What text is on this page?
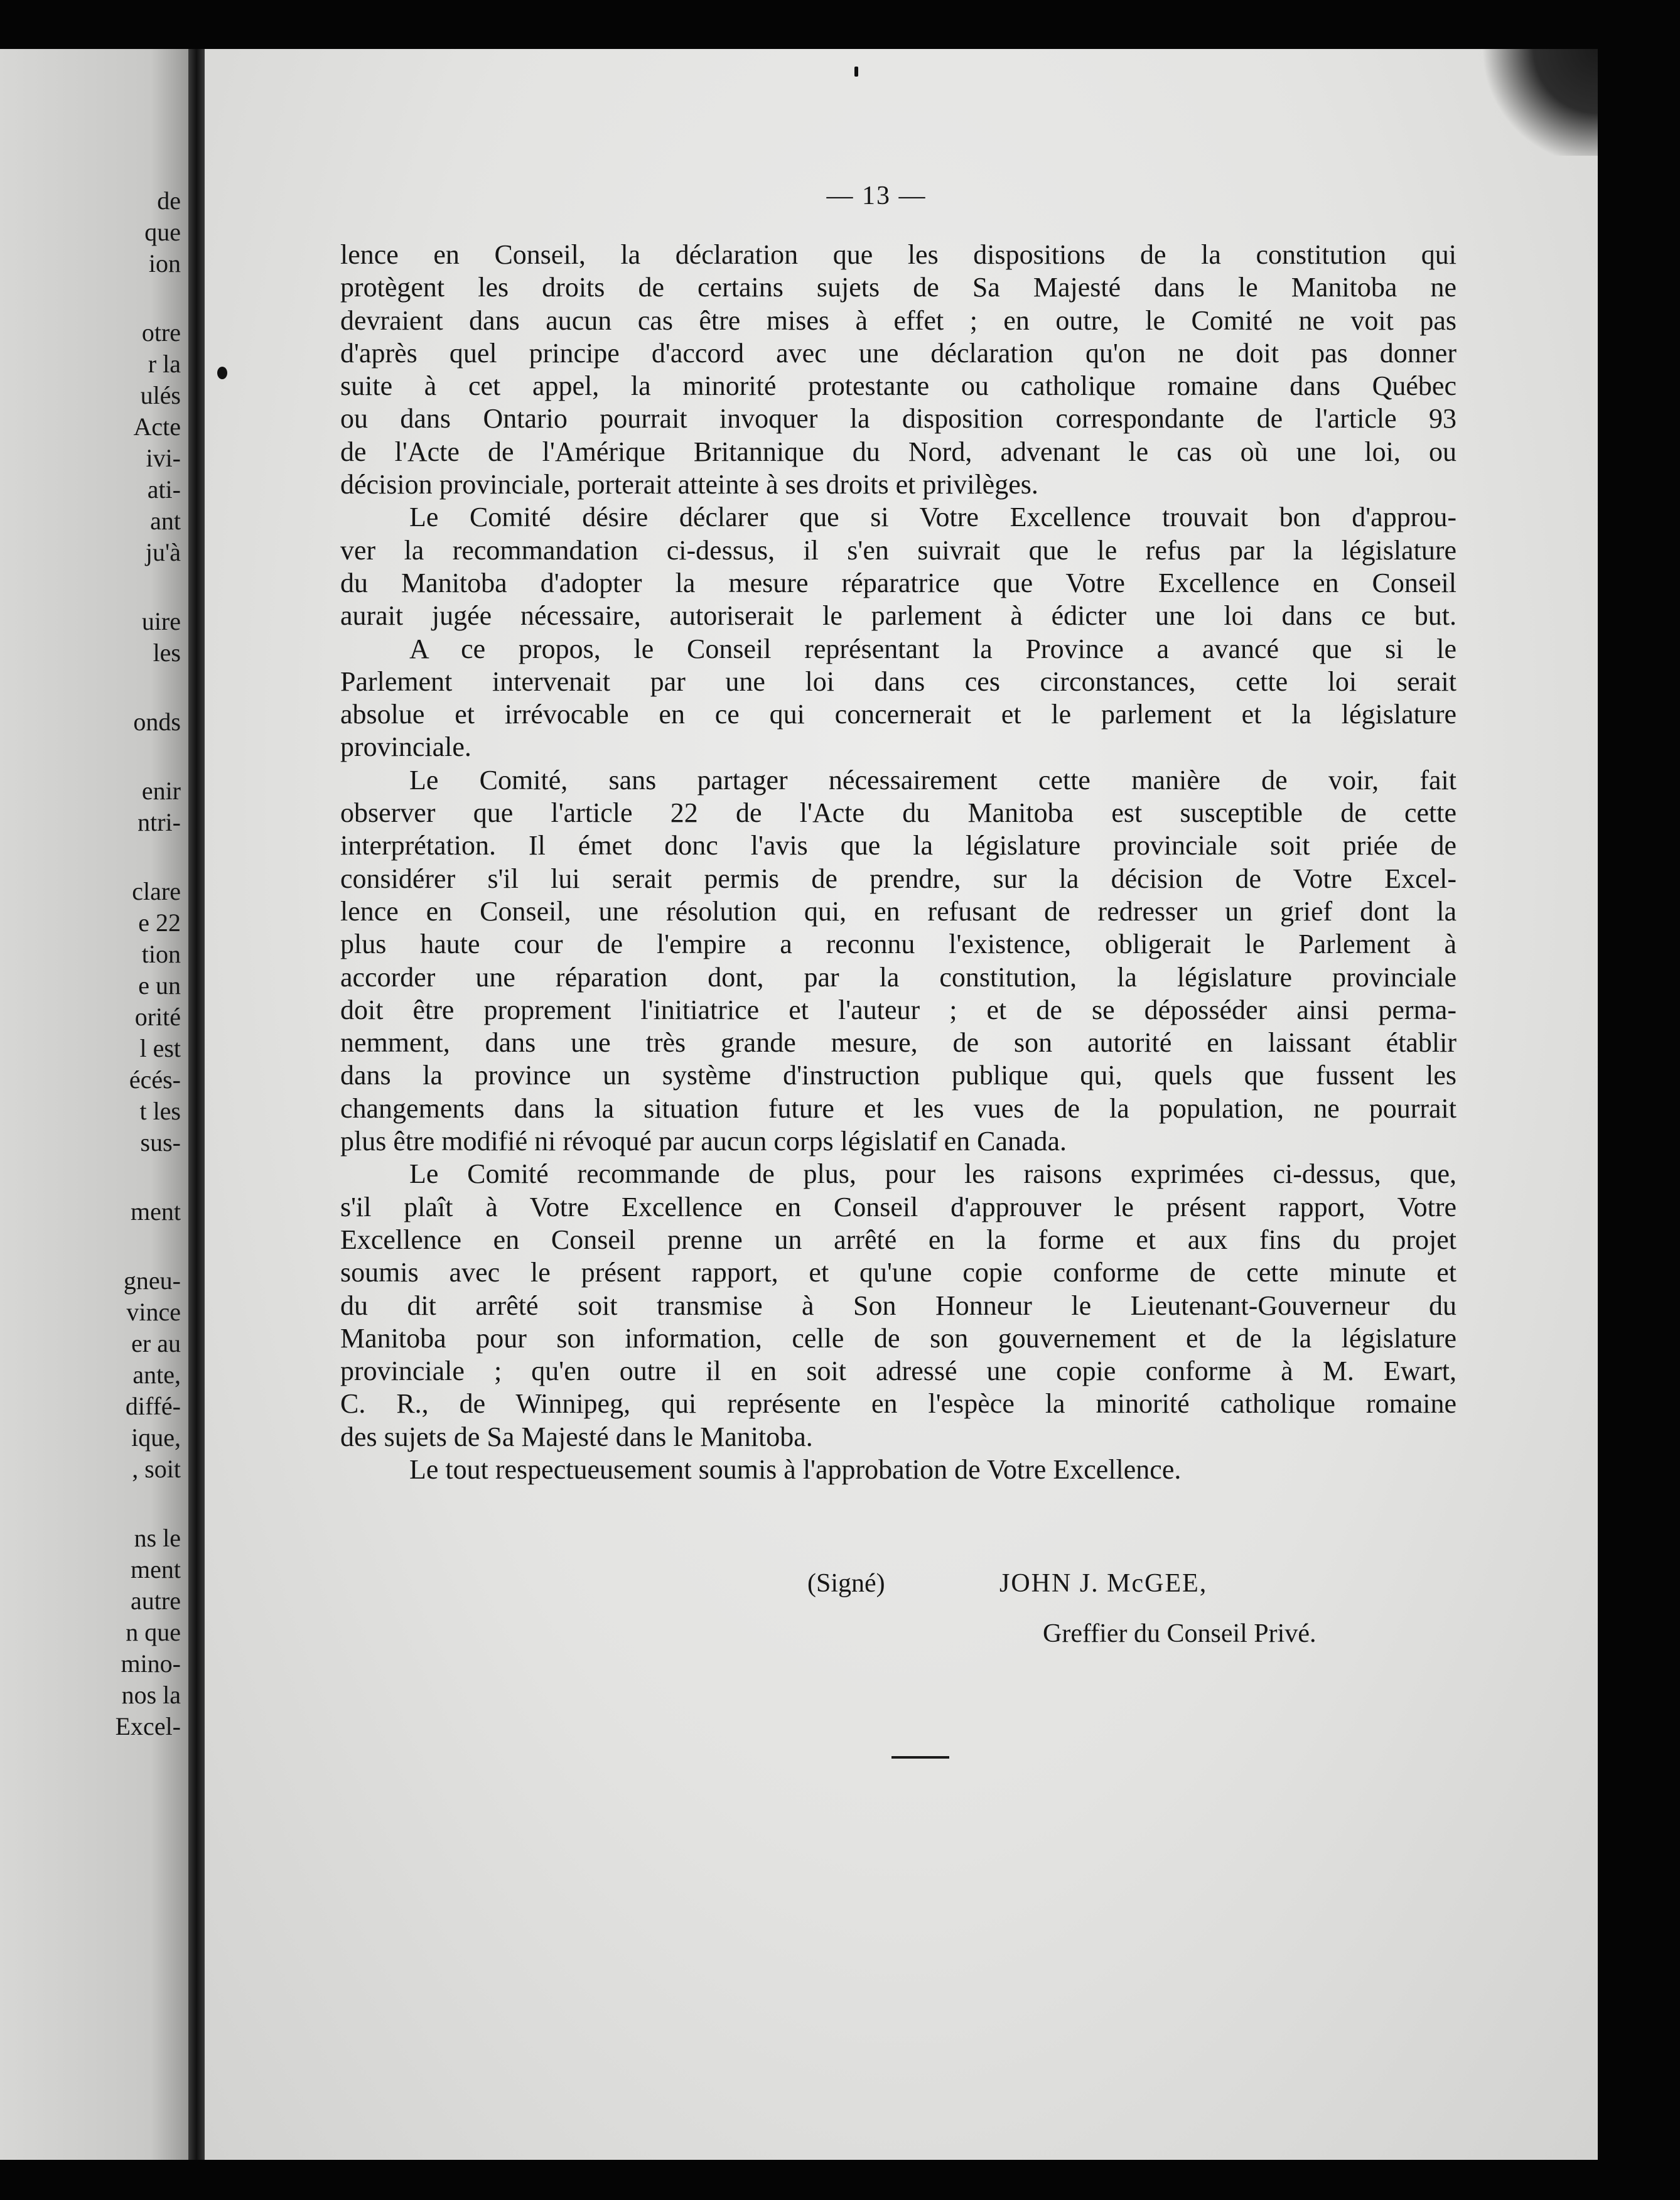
de
que
ion
otre
r la
ulés
Acte
ivi-
ati-
ant
ju'à
uire
les
onds
enir
ntri-
clare
e 22
tion
e un
orité
l est
écés-
t les
sus-
ment
gneu-
vince
er au
ante,
diffé-
ique,
, soit
ns le
ment
autre
n que
mino-
nos la
Excel-
— 13 —
lence en Conseil, la déclaration que les dispositions de la constitution qui
protègent les droits de certains sujets de Sa Majesté dans le Manitoba ne
devraient dans aucun cas être mises à effet ; en outre, le Comité ne voit pas
d'après quel principe d'accord avec une déclaration qu'on ne doit pas donner
suite à cet appel, la minorité protestante ou catholique romaine dans Québec
ou dans Ontario pourrait invoquer la disposition correspondante de l'article 93
de l'Acte de l'Amérique Britannique du Nord, advenant le cas où une loi, ou
décision provinciale, porterait atteinte à ses droits et privilèges.
Le Comité désire déclarer que si Votre Excellence trouvait bon d'approu-
ver la recommandation ci-dessus, il s'en suivrait que le refus par la législature
du Manitoba d'adopter la mesure réparatrice que Votre Excellence en Conseil
aurait jugée nécessaire, autoriserait le parlement à édicter une loi dans ce but.
A ce propos, le Conseil représentant la Province a avancé que si le
Parlement intervenait par une loi dans ces circonstances, cette loi serait
absolue et irrévocable en ce qui concernerait et le parlement et la législature
provinciale.
Le Comité, sans partager nécessairement cette manière de voir, fait
observer que l'article 22 de l'Acte du Manitoba est susceptible de cette
interprétation. Il émet donc l'avis que la législature provinciale soit priée de
considérer s'il lui serait permis de prendre, sur la décision de Votre Excel-
lence en Conseil, une résolution qui, en refusant de redresser un grief dont la
plus haute cour de l'empire a reconnu l'existence, obligerait le Parlement à
accorder une réparation dont, par la constitution, la législature provinciale
doit être proprement l'initiatrice et l'auteur ; et de se déposséder ainsi perma-
nemment, dans une très grande mesure, de son autorité en laissant établir
dans la province un système d'instruction publique qui, quels que fussent les
changements dans la situation future et les vues de la population, ne pourrait
plus être modifié ni révoqué par aucun corps législatif en Canada.
Le Comité recommande de plus, pour les raisons exprimées ci-dessus, que,
s'il plaît à Votre Excellence en Conseil d'approuver le présent rapport, Votre
Excellence en Conseil prenne un arrêté en la forme et aux fins du projet
soumis avec le présent rapport, et qu'une copie conforme de cette minute et
du dit arrêté soit transmise à Son Honneur le Lieutenant-Gouverneur du
Manitoba pour son information, celle de son gouvernement et de la législature
provinciale ; qu'en outre il en soit adressé une copie conforme à M. Ewart,
C. R., de Winnipeg, qui représente en l'espèce la minorité catholique romaine
des sujets de Sa Majesté dans le Manitoba.
Le tout respectueusement soumis à l'approbation de Votre Excellence.
(Signé)	JOHN J. McGEE,
Greffier du Conseil Privé.
